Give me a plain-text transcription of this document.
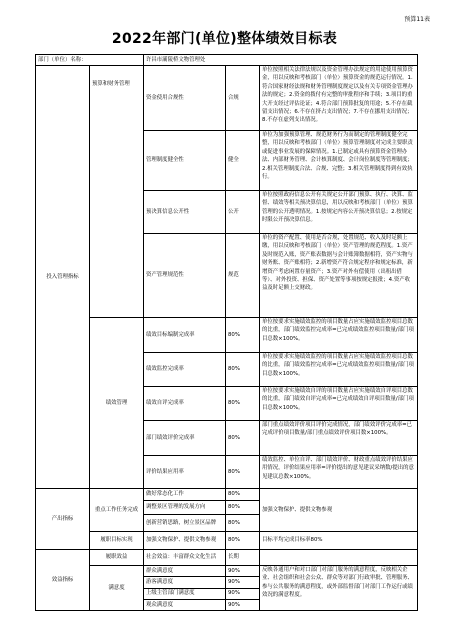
预算11表
2022年部门(单位)整体绩效目标表
部门（单位）名称：		许昌市灞陵桥文物管理处		
投入管理指标	预算和财务管理	资金使用合规性	合规	单位按照相关法律法规以及资金管理办法规定的用途使用预算资金，用以反映和考核部门（单位）预算资金的规范运行情况。1.符合国家财经法规和财务管理制度规定以及有关专项资金管理办法的规定；2.资金的拨付有完整的审批程序和手续；3.项目的重大开支经过评估论证；4.符合部门预算批复的用途；5.不存在截留支出情况；6.不存在挤占支出情况；7.不存在挪用支出情况；8.不存在虚列支出情况。

		管理制度健全性	健全	单位为加强预算管理、规范财务行为而制定的管理制度健全完整，用以反映和考核部门（单位）预算管理制度对完成主要职责或促进事业发展的保障情况。1.已制定或具有预算资金管理办法、内部财务管理、会计核算制度、会计岗位制度等管理制度；2.相关管理制度合法、合规、完整；3.相关管理制度得到有效执行。

		预决算信息公开性	公开	单位按照政府信息公开有关规定公开部门预算、执行、决算、监督、绩效等相关预决算信息，用以反映和考核部门（单位）预算管理的公开透明情况。1.按规定内容公开预决算信息；2.按规定时限公开预决算信息。

		资产管理规范性	规范	单位的资产配置、使用是否合规，处置规范、收入及时足额上缴，用以反映和考核部门（单位）资产管理的规范程度。1.资产及时规范入账，资产账表数据与会计账簿数据相符，资产实物与财务账、资产账相符；2.新增资产符合规定程序和规定标准，新增资产考虑闲置存量资产；3.资产对外有偿使用（出租出借等）、对外投资、担保、资产处置等事项按规定报批；4.资产收益及时足额上交财政。

	绩效管理	绩效目标编制完成率	80%	单位按要求实施绩效监控的项目数量占应实施绩效监控项目总数的比重，部门绩效监控完成率=已完成绩效监控项目数量/部门项目总数×100%。

		绩效监控完成率	80%	单位按要求实施绩效监控的项目数量占应实施绩效监控项目总数的比重，部门绩效监控完成率=已完成绩效监控项目数量/部门项目总数×100%。

		绩效自评完成率	80%	单位按要求实施绩效自评的项目数量占应实施绩效自评项目总数的比重，部门绩效自评完成率=已完成绩效自评项目数量/部门项目总数×100%。

		部门绩效评价完成率	80%	部门重点绩效评价项目评价完成情况，部门绩效评价完成率=已完成评价项目数量/部门重点绩效评价项目数×100%。

		评价结果应用率	80%	绩效监控、单位自评、部门绩效评价、财政重点绩效评价结果应用情况，评价结果应用率=评价提出的意见建议采纳数/提出的意见建议总数×100%。

产出指标	重点工作任务完成	做好常态化工作	80%	加强文物保护、提供文物参观
		调整景区管理的发展方向	80%	
		创新营销思路，树立景区品牌	80%	
	履职目标实现	加强文物保护、提供文物参观	80%	目标平均完成目标率80%
效益指标	履职效益	社会效益：丰富群众文化生活	长期	
	满意度	群众满意度	90%	反映各通用户和对口部门对部门服务的满意程度，反映相关企业、社会组织和社会公众、群众等对部门行政审批、管理服务、参与公共服务的满意程度，或外部监督部门对部门工作运行或绩效况的满意程度。

		游客满意度	90%	
		上级主管部门满意度	90%	
		观众满意度	90%	
